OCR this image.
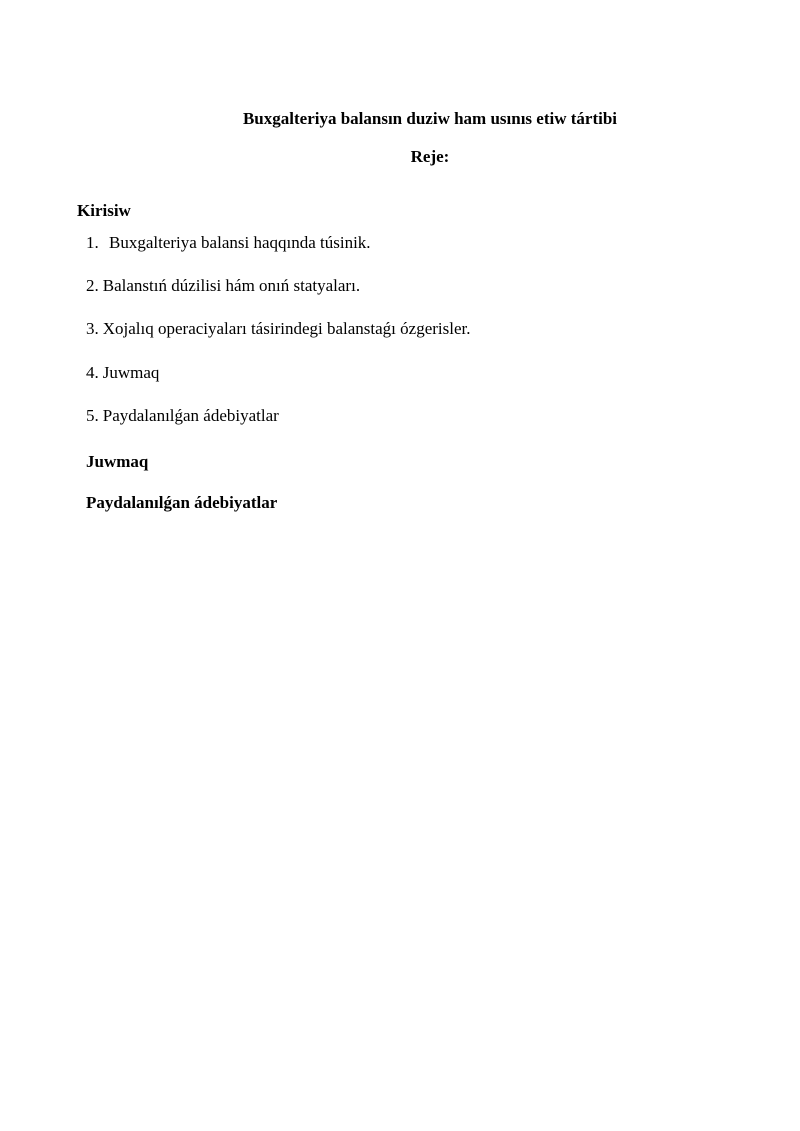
Buxgalteriya balansın duziw ham usınıs etiw tártibi
Reje:
Kirisiw
1. Buxgalteriya balansi haqqında túsinik.
2. Balanstıń dúzilisi hám onıń statyaları.
3. Xojalıq operaciyaları tásirindegi balanstaǵı ózgerisler.
4. Juwmaq
5. Paydalanılǵan ádebiyatlar
Juwmaq
Paydalanılǵan ádebiyatlar
